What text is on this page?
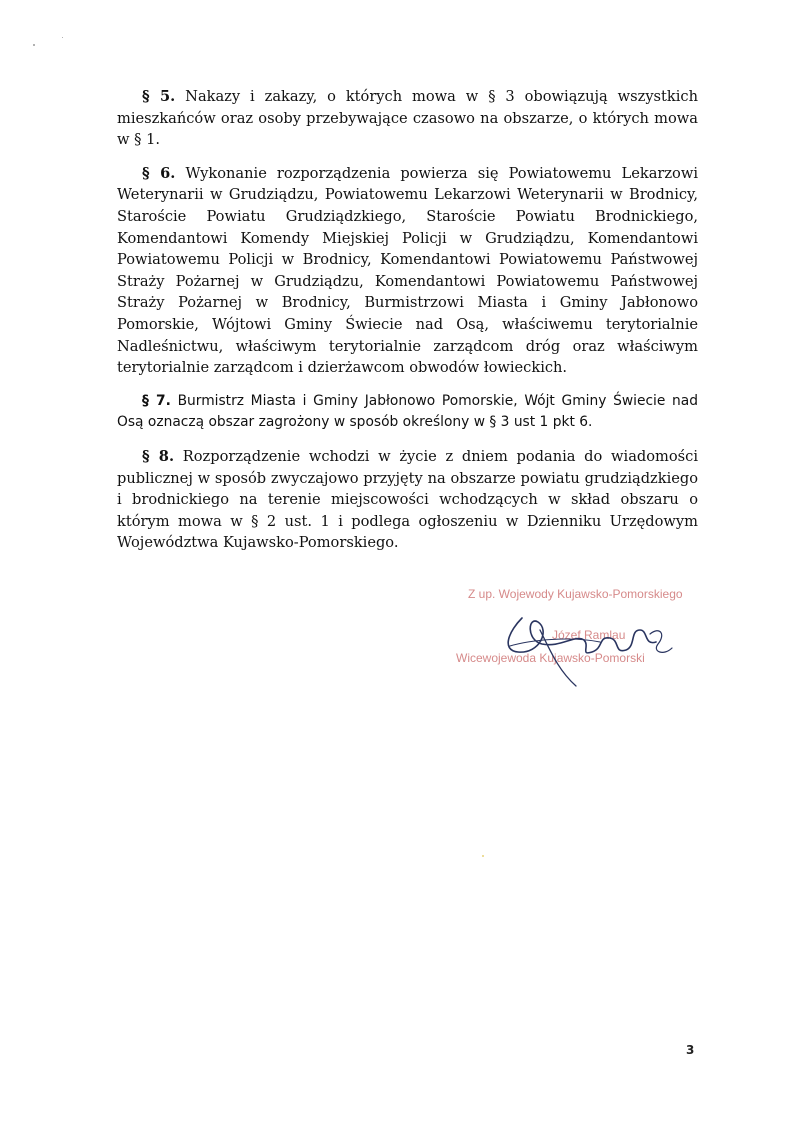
§ 5. Nakazy i zakazy, o których mowa w § 3 obowiązują wszystkich mieszkańców oraz osoby przebywające czasowo na obszarze, o których mowa w § 1.

§ 6. Wykonanie rozporządzenia powierza się Powiatowemu Lekarzowi Weterynarii w Grudziądzu, Powiatowemu Lekarzowi Weterynarii w Brodnicy, Staroście Powiatu Grudziądzkiego, Staroście Powiatu Brodnickiego, Komendantowi Komendy Miejskiej Policji w Grudziądzu, Komendantowi Powiatowemu Policji w Brodnicy, Komendantowi Powiatowemu Państwowej Straży Pożarnej w Grudziądzu, Komendantowi Powiatowemu Państwowej Straży Pożarnej w Brodnicy, Burmistrzowi Miasta i Gminy Jabłonowo Pomorskie, Wójtowi Gminy Świecie nad Osą, właściwemu terytorialnie Nadleśnictwu, właściwym terytorialnie zarządcom dróg oraz właściwym terytorialnie zarządcom i dzierżawcom obwodów łowieckich.

§ 7. Burmistrz Miasta i Gminy Jabłonowo Pomorskie, Wójt Gminy Świecie nad Osą oznaczą obszar zagrożony w sposób określony w § 3 ust 1 pkt 6.

§ 8. Rozporządzenie wchodzi w życie z dniem podania do wiadomości publicznej w sposób zwyczajowo przyjęty na obszarze powiatu grudziądzkiego i brodnickiego na terenie miejscowości wchodzących w skład obszaru o którym mowa w § 2 ust. 1 i podlega ogłoszeniu w Dzienniku Urzędowym Województwa Kujawsko-Pomorskiego.

Z up. Wojewody Kujawsko-Pomorskiego
Józef Ramlau
Wicewojewoda Kujawsko-Pomorski
3
